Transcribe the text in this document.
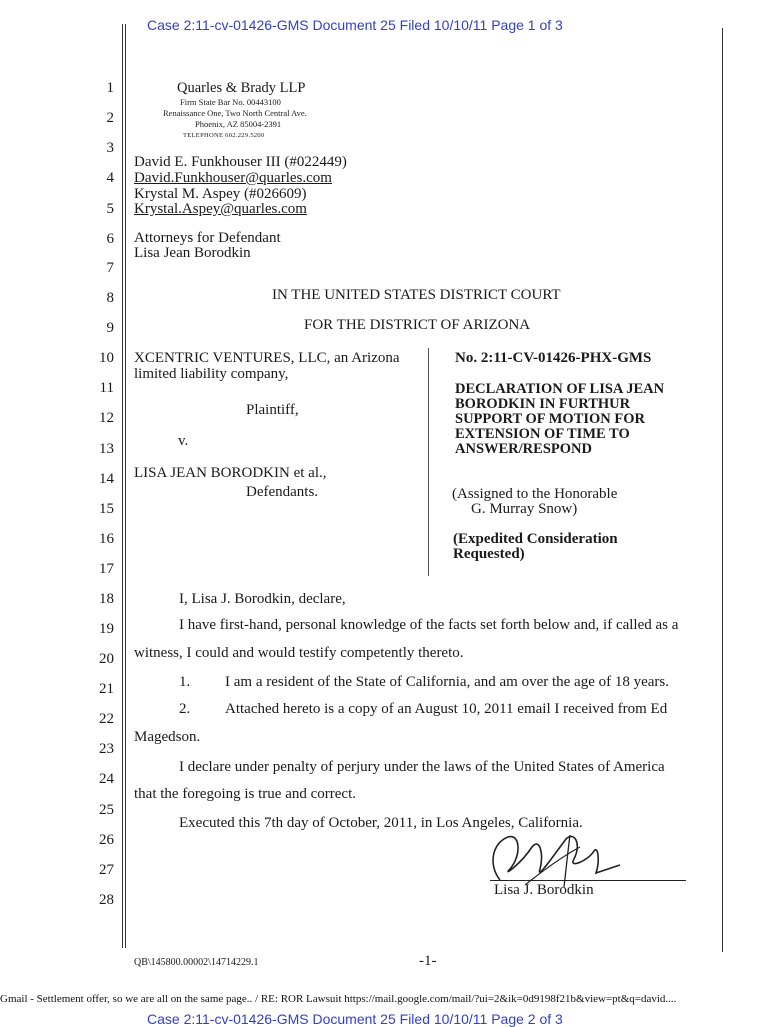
Case 2:11-cv-01426-GMS Document 25 Filed 10/10/11 Page 1 of 3
1
2
3
4
5
6
7
8
9
10
11
12
13
14
15
16
17
18
19
20
21
22
23
24
25
26
27
28
Quarles & Brady LLP
Firm State Bar No. 00443100
Renaissance One, Two North Central Ave.
Phoenix, AZ 85004-2391
TELEPHONE 602.229.5200
David E. Funkhouser III (#022449)
David.Funkhouser@quarles.com
Krystal M. Aspey (#026609)
Krystal.Aspey@quarles.com
Attorneys for Defendant
Lisa Jean Borodkin
IN THE UNITED STATES DISTRICT COURT
FOR THE DISTRICT OF ARIZONA
XCENTRIC VENTURES, LLC, an Arizona
limited liability company,
Plaintiff,
v.
LISA JEAN BORODKIN et al.,
Defendants.
No. 2:11-CV-01426-PHX-GMS
DECLARATION OF LISA JEAN
BORODKIN IN FURTHUR
SUPPORT OF MOTION FOR
EXTENSION OF TIME TO
ANSWER/RESPOND
(Assigned to the Honorable
G. Murray Snow)
(Expedited Consideration
Requested)
I, Lisa J. Borodkin, declare,
I have first-hand, personal knowledge of the facts set forth below and, if called as a
witness, I could and would testify competently thereto.
1. I am a resident of the State of California, and am over the age of 18 years.
2. Attached hereto is a copy of an August 10, 2011 email I received from Ed
Magedson.
I declare under penalty of perjury under the laws of the United States of America
that the foregoing is true and correct.
Executed this 7th day of October, 2011, in Los Angeles, California.
Lisa J. Borodkin
QB\145800.00002\14714229.1	-1-
Gmail - Settlement offer, so we are all on the same page.. / RE: ROR Lawsuit https://mail.google.com/mail/?ui=2&ik=0d9198f21b&view=pt&q=david....
Case 2:11-cv-01426-GMS Document 25 Filed 10/10/11 Page 2 of 3
